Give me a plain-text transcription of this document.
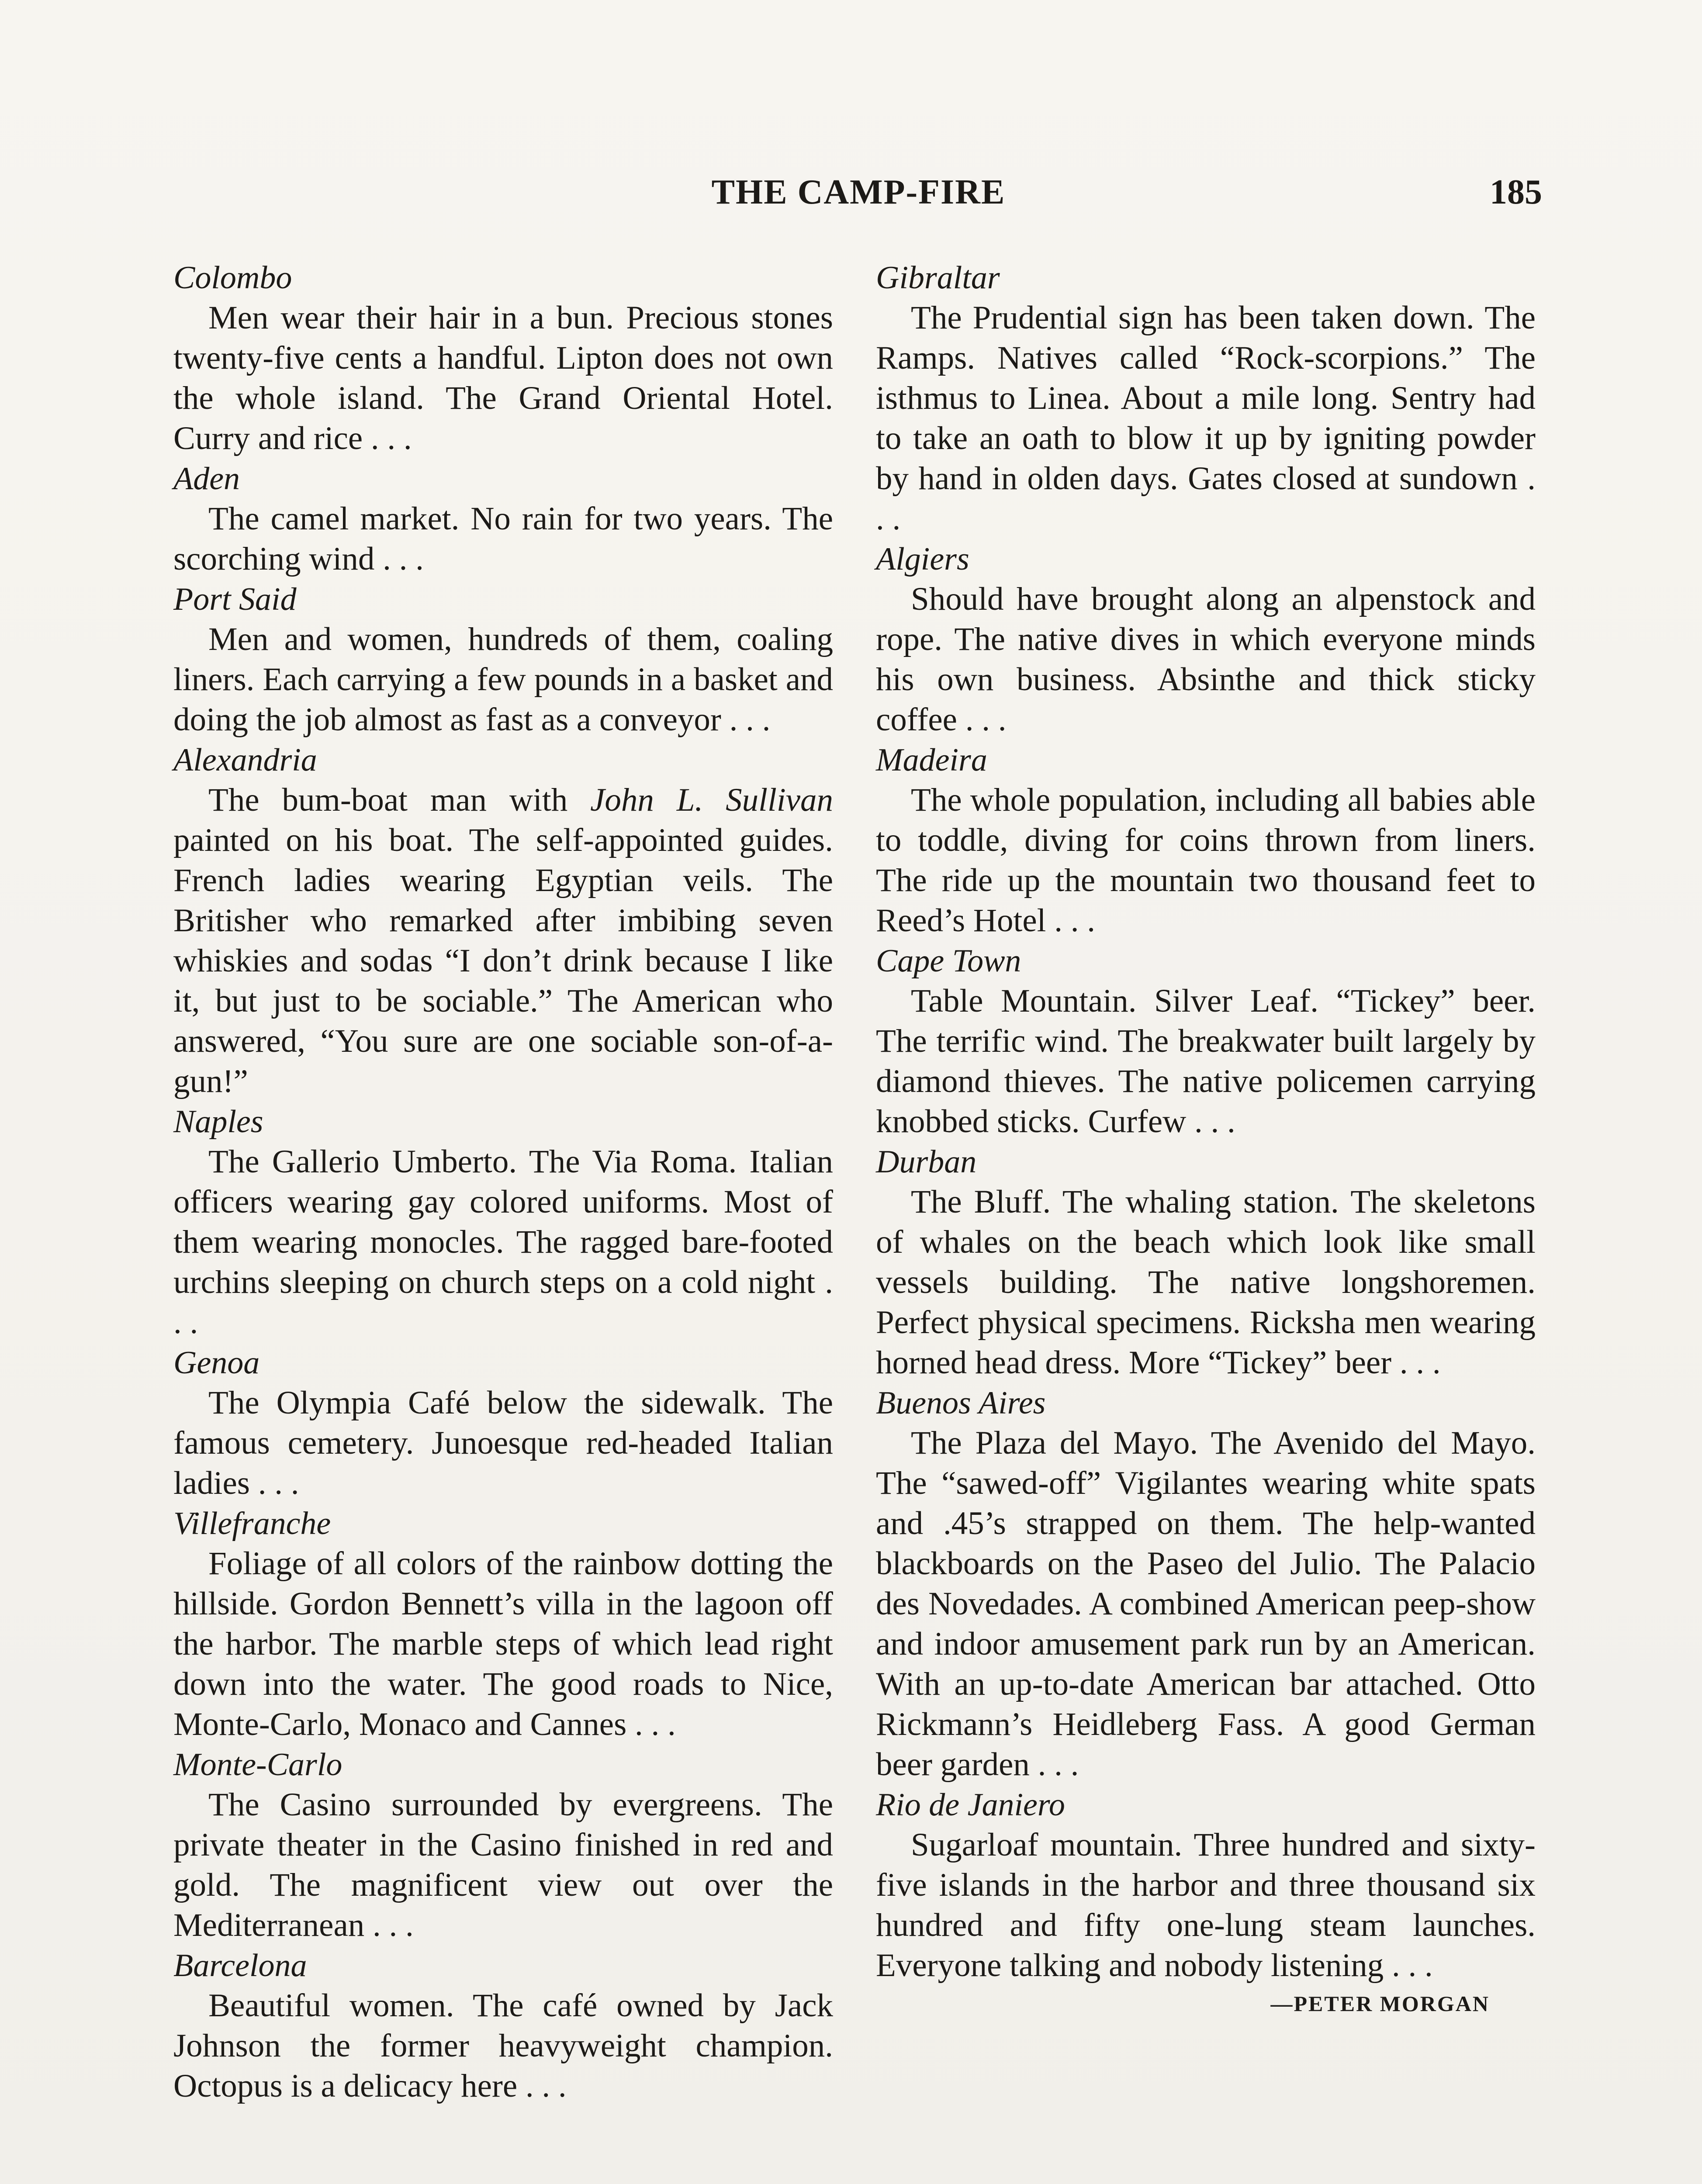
THE CAMP-FIRE	185

Colombo

Men wear their hair in a bun. Precious stones twenty-five cents a handful. Lipton does not own the whole island. The Grand Oriental Hotel. Curry and rice . . .

Aden

The camel market. No rain for two years. The scorching wind . . .

Port Said

Men and women, hundreds of them, coaling liners. Each carrying a few pounds in a basket and doing the job almost as fast as a conveyor . . .

Alexandria

The bum-boat man with John L. Sullivan painted on his boat. The self-appointed guides. French ladies wearing Egyptian veils. The Britisher who remarked after imbibing seven whiskies and sodas “I don’t drink because I like it, but just to be sociable.” The American who answered, “You sure are one sociable son-of-a-gun!”

Naples

The Gallerio Umberto. The Via Roma. Italian officers wearing gay colored uniforms. Most of them wearing monocles. The ragged bare-footed urchins sleeping on church steps on a cold night . . .

Genoa

The Olympia Café below the sidewalk. The famous cemetery. Junoesque red-headed Italian ladies . . .

Villefranche

Foliage of all colors of the rainbow dotting the hillside. Gordon Bennett’s villa in the lagoon off the harbor. The marble steps of which lead right down into the water. The good roads to Nice, Monte-Carlo, Monaco and Cannes . . .

Monte-Carlo

The Casino surrounded by evergreens. The private theater in the Casino finished in red and gold. The magnificent view out over the Mediterranean . . .

Barcelona

Beautiful women. The café owned by Jack Johnson the former heavyweight champion. Octopus is a delicacy here . . .

Gibraltar

The Prudential sign has been taken down. The Ramps. Natives called “Rock-scorpions.” The isthmus to Linea. About a mile long. Sentry had to take an oath to blow it up by igniting powder by hand in olden days. Gates closed at sundown . . .

Algiers

Should have brought along an alpenstock and rope. The native dives in which everyone minds his own business. Absinthe and thick sticky coffee . . .

Madeira

The whole population, including all babies able to toddle, diving for coins thrown from liners. The ride up the mountain two thousand feet to Reed’s Hotel . . .

Cape Town

Table Mountain. Silver Leaf. “Tickey” beer. The terrific wind. The breakwater built largely by diamond thieves. The native policemen carrying knobbed sticks. Curfew . . .

Durban

The Bluff. The whaling station. The skeletons of whales on the beach which look like small vessels building. The native longshoremen. Perfect physical specimens. Ricksha men wearing horned head dress. More “Tickey” beer . . .

Buenos Aires

The Plaza del Mayo. The Avenido del Mayo. The “sawed-off” Vigilantes wearing white spats and .45’s strapped on them. The help-wanted blackboards on the Paseo del Julio. The Palacio des Novedades. A combined American peep-show and indoor amusement park run by an American. With an up-to-date American bar attached. Otto Rickmann’s Heidleberg Fass. A good German beer garden . . .

Rio de Janiero

Sugarloaf mountain. Three hundred and sixty-five islands in the harbor and three thousand six hundred and fifty one-lung steam launches. Everyone talking and nobody listening . . .

—PETER MORGAN
